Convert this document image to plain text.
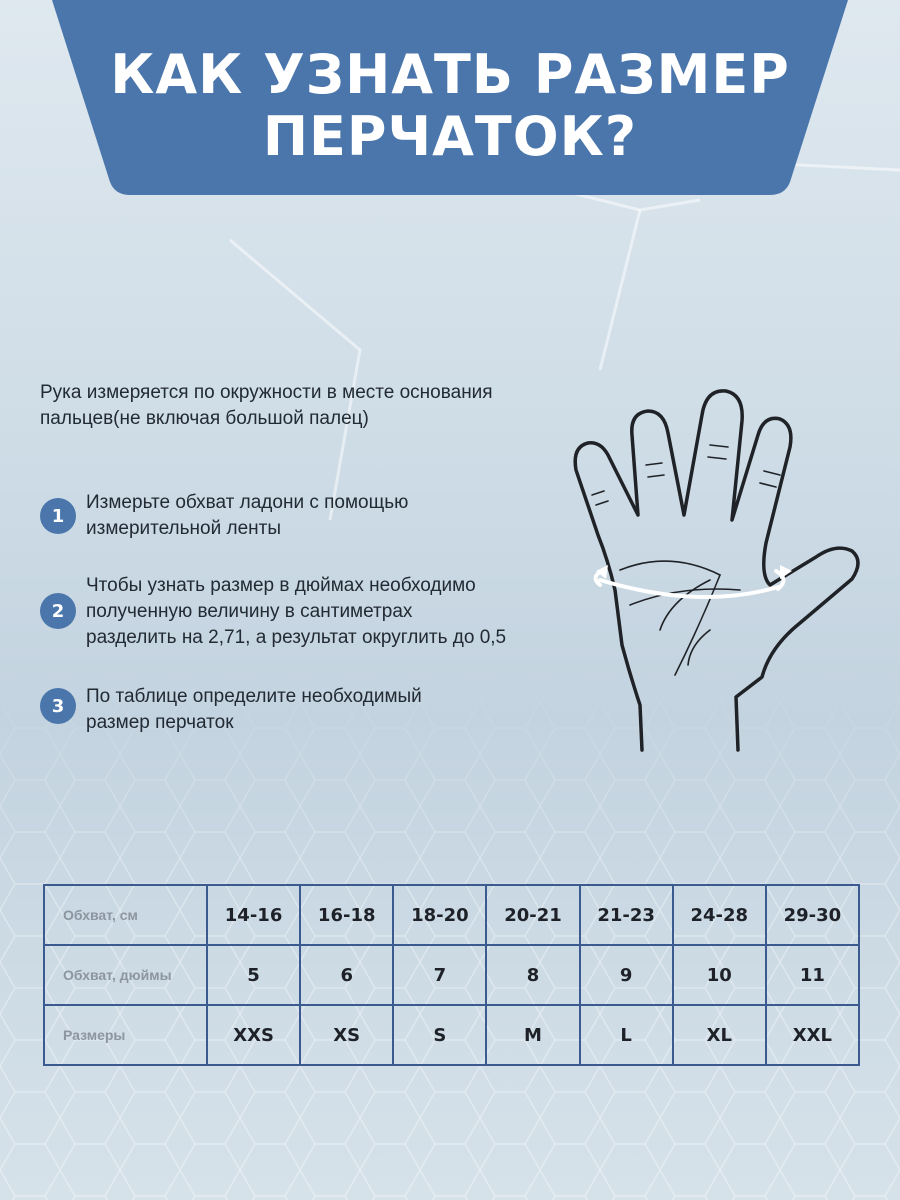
КАК УЗНАТЬ РАЗМЕР
ПЕРЧАТОК?
Рука измеряется по окружности в месте основания
пальцев(не включая большой палец)
1
Измерьте обхват ладони с помощью
измерительной ленты
2
Чтобы узнать размер в дюймах необходимо
полученную величину в сантиметрах
разделить на 2,71, а результат округлить до 0,5
3	По таблице определите необходимый
размер перчаток
Обхват, см	14-16	16-18	18-20	20-21	21-23	24-28	29-30
Обхват, дюймы	5	6	7	8	9	10	11
Размеры	XXS	XS	S	M	L	XL	XXL
